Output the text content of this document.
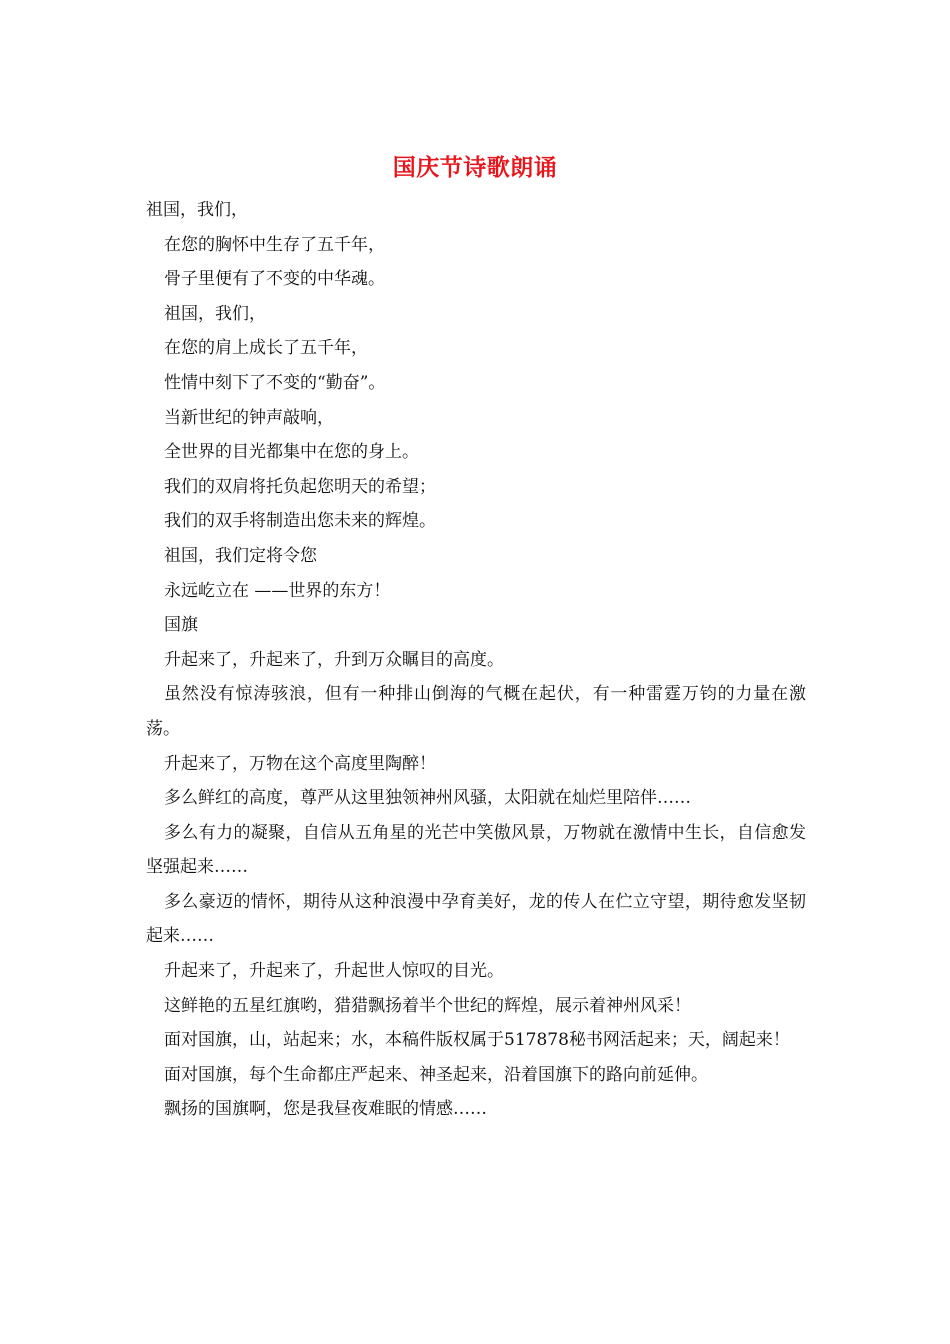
国庆节诗歌朗诵

祖国，我们，

在您的胸怀中生存了五千年，

骨子里便有了不变的中华魂。

祖国，我们，

在您的肩上成长了五千年，

性情中刻下了不变的“勤奋”。

当新世纪的钟声敲响，

全世界的目光都集中在您的身上。

我们的双肩将托负起您明天的希望；

我们的双手将制造出您未来的辉煌。

祖国，我们定将令您

永远屹立在 ——世界的东方！

国旗

升起来了，升起来了，升到万众瞩目的高度。

虽然没有惊涛骇浪，但有一种排山倒海的气概在起伏，有一种雷霆万钧的力量在激荡。

升起来了，万物在这个高度里陶醉！

多么鲜红的高度，尊严从这里独领神州风骚，太阳就在灿烂里陪伴……

多么有力的凝聚，自信从五角星的光芒中笑傲风景，万物就在激情中生长，自信愈发坚强起来……

多么豪迈的情怀，期待从这种浪漫中孕育美好，龙的传人在伫立守望，期待愈发坚韧起来……

升起来了，升起来了，升起世人惊叹的目光。

这鲜艳的五星红旗哟，猎猎飘扬着半个世纪的辉煌，展示着神州风采！

面对国旗，山，站起来；水，本稿件版权属于517878秘书网活起来；天，阔起来！

面对国旗，每个生命都庄严起来、神圣起来，沿着国旗下的路向前延伸。

飘扬的国旗啊，您是我昼夜难眠的情感……
